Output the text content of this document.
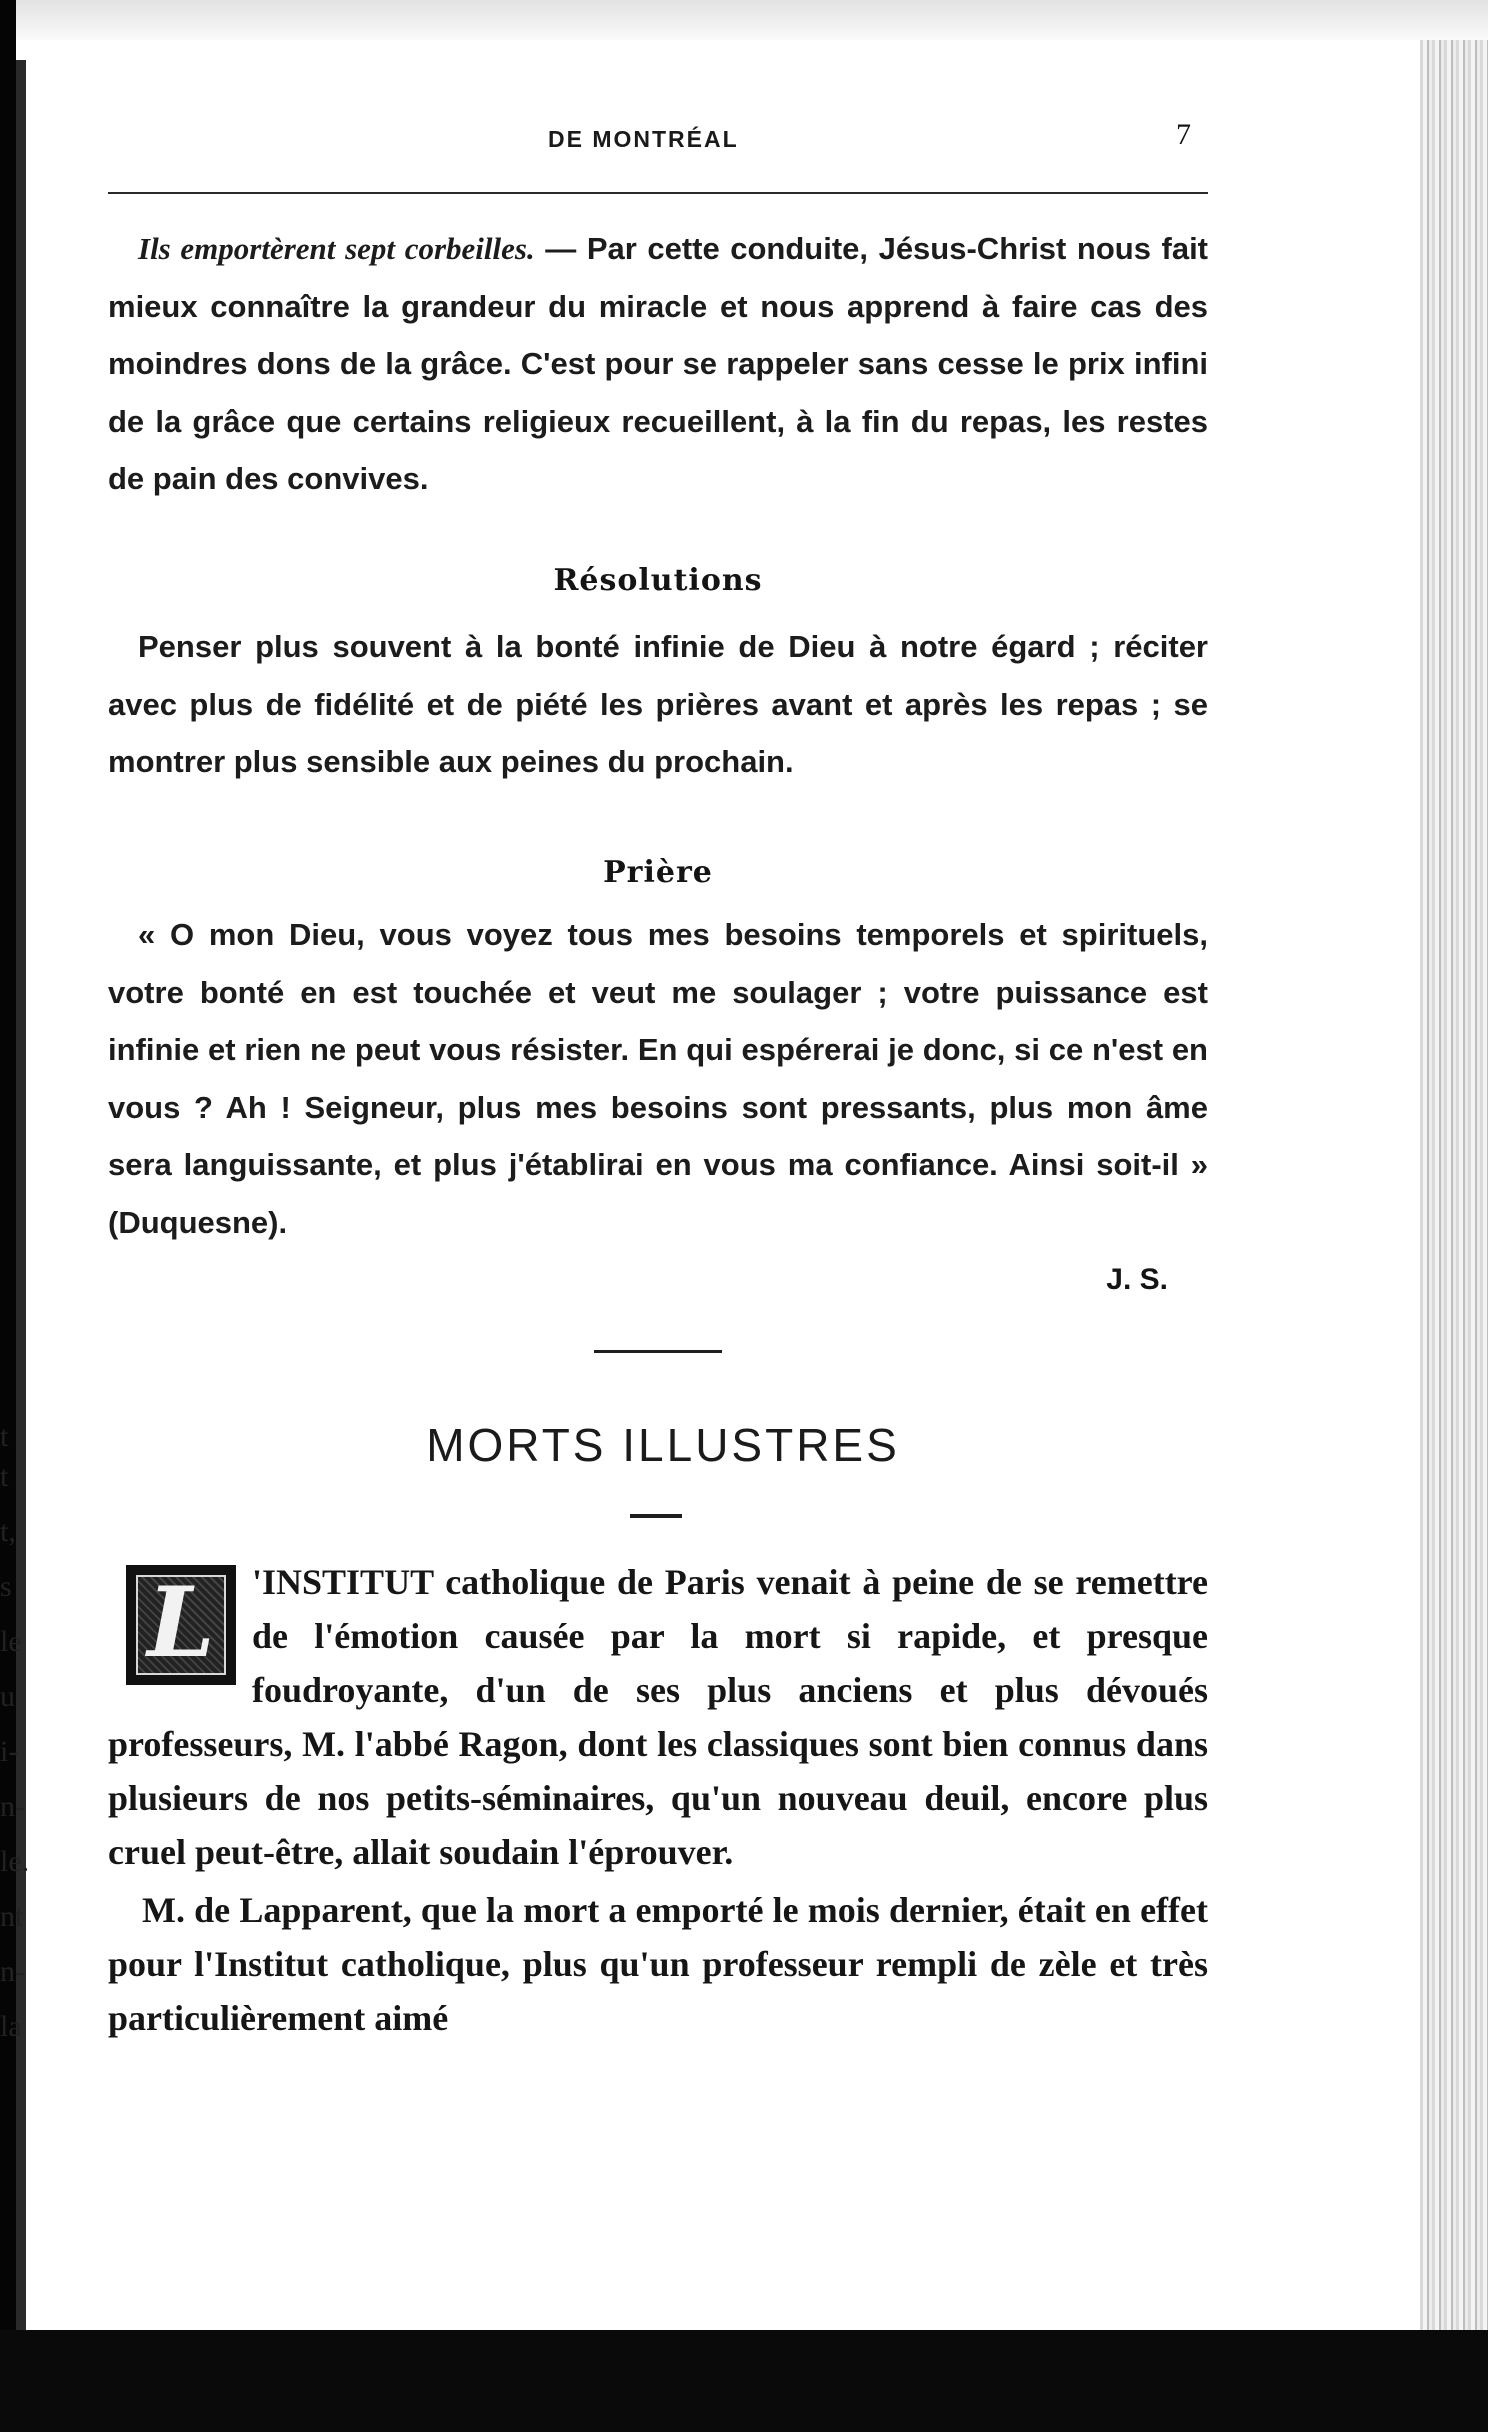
t
t
t,
s
le
u
i-
n-
le.
nt
n-
la
DE MONTRÉAL	7

Ils emportèrent sept corbeilles. — Par cette conduite, Jésus-Christ nous fait mieux connaître la grandeur du miracle et nous apprend à faire cas des moindres dons de la grâce. C'est pour se rappeler sans cesse le prix infini de la grâce que certains religieux recueillent, à la fin du repas, les restes de pain des convives.

Résolutions

Penser plus souvent à la bonté infinie de Dieu à notre égard ; réciter avec plus de fidélité et de piété les prières avant et après les repas ; se montrer plus sensible aux peines du prochain.

Prière

« O mon Dieu, vous voyez tous mes besoins temporels et spirituels, votre bonté en est touchée et veut me soulager ; votre puissance est infinie et rien ne peut vous résister. En qui espérerai je donc, si ce n'est en vous ? Ah ! Seigneur, plus mes besoins sont pressants, plus mon âme sera languissante, et plus j'établirai en vous ma confiance. Ainsi soit-il » (Duquesne).

J. S.
MORTS ILLUSTRES
L	'INSTITUT catholique de Paris venait à peine de se remettre de l'émotion causée par la mort si rapide, et presque foudroyante, d'un de ses plus anciens et plus dévoués professeurs, M. l'abbé Ragon, dont les classiques sont bien connus dans plusieurs de nos petits-séminaires, qu'un nouveau deuil, encore plus cruel peut-être, allait soudain l'éprouver.

M. de Lapparent, que la mort a emporté le mois dernier, était en effet pour l'Institut catholique, plus qu'un professeur rempli de zèle et très particulièrement aimé
